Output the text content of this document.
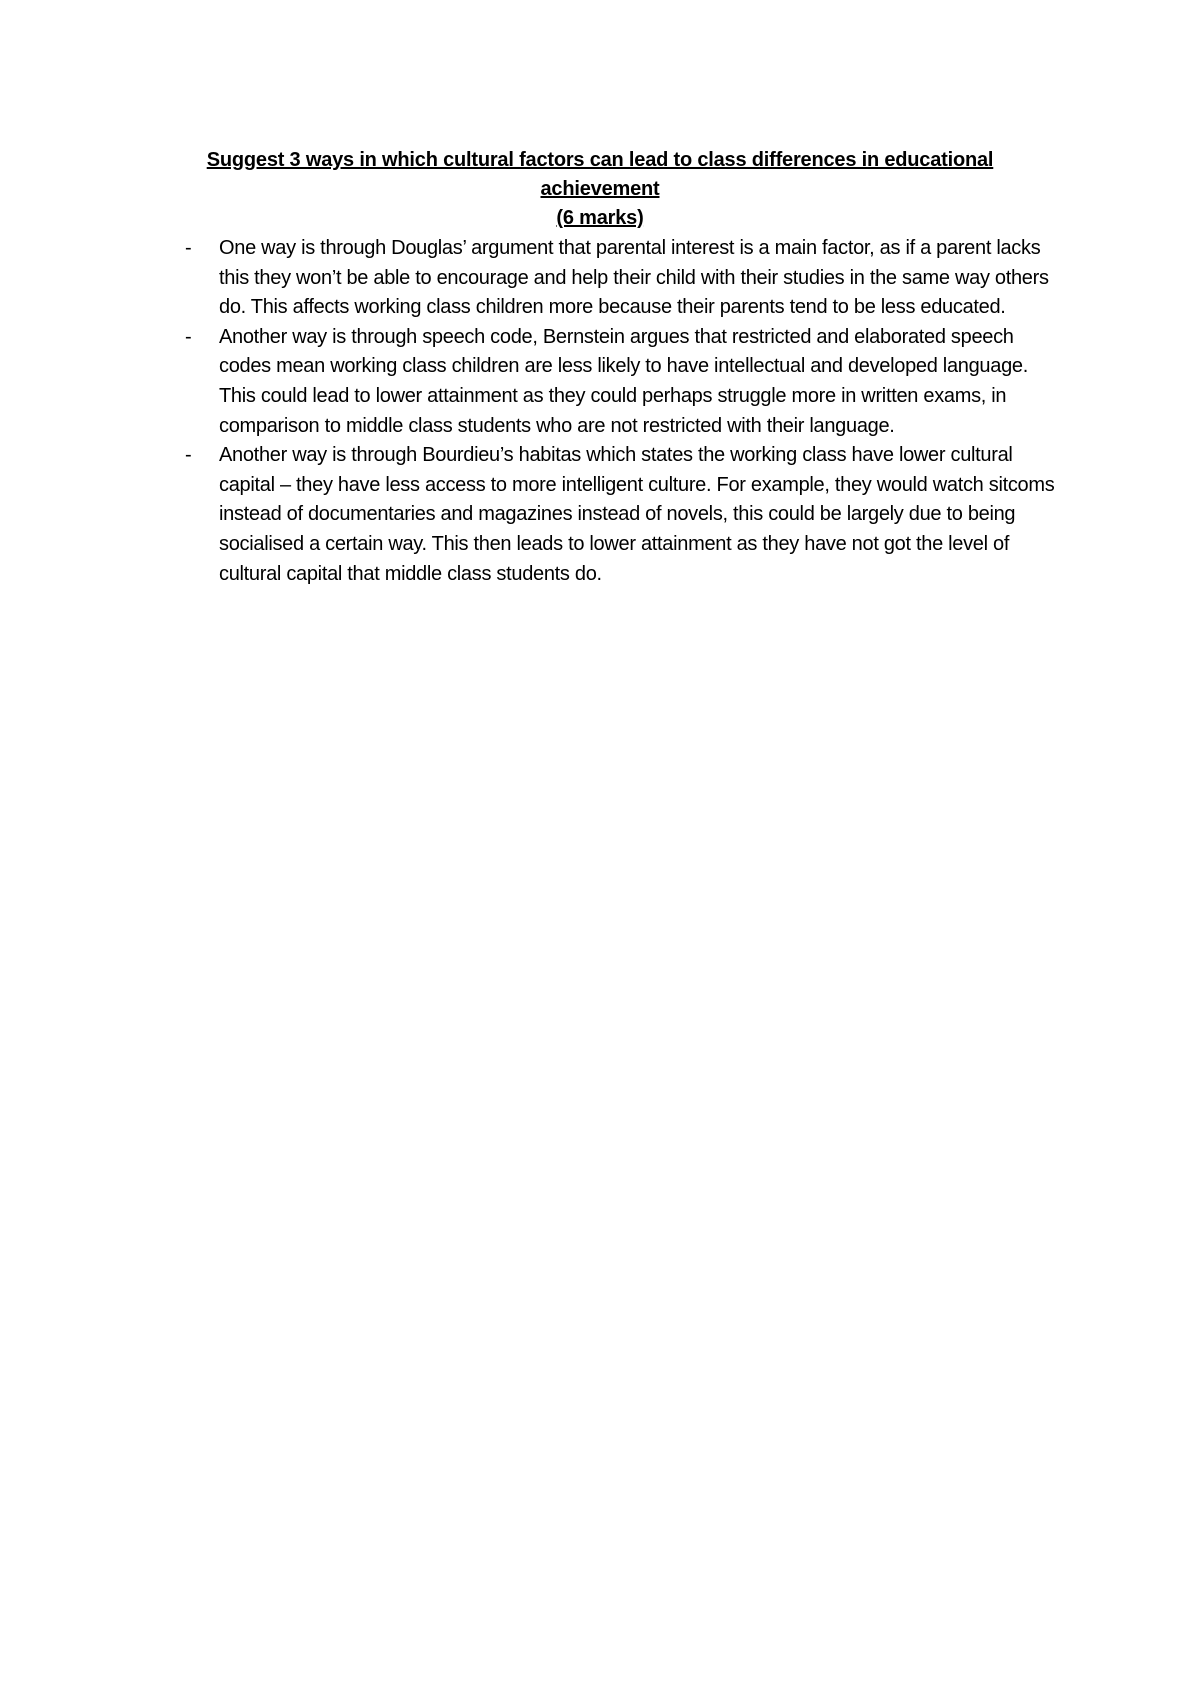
Suggest 3 ways in which cultural factors can lead to class differences in educational
achievement
(6 marks)
- One way is through Douglas’ argument that parental interest is a main factor, as if a parent lacks this they won’t be able to encourage and help their child with their studies in the same way others do. This affects working class children more because their parents tend to be less educated.
- Another way is through speech code, Bernstein argues that restricted and elaborated speech codes mean working class children are less likely to have intellectual and developed language. This could lead to lower attainment as they could perhaps struggle more in written exams, in comparison to middle class students who are not restricted with their language.
- Another way is through Bourdieu’s habitas which states the working class have lower cultural capital – they have less access to more intelligent culture. For example, they would watch sitcoms instead of documentaries and magazines instead of novels, this could be largely due to being socialised a certain way. This then leads to lower attainment as they have not got the level of cultural capital that middle class students do.
